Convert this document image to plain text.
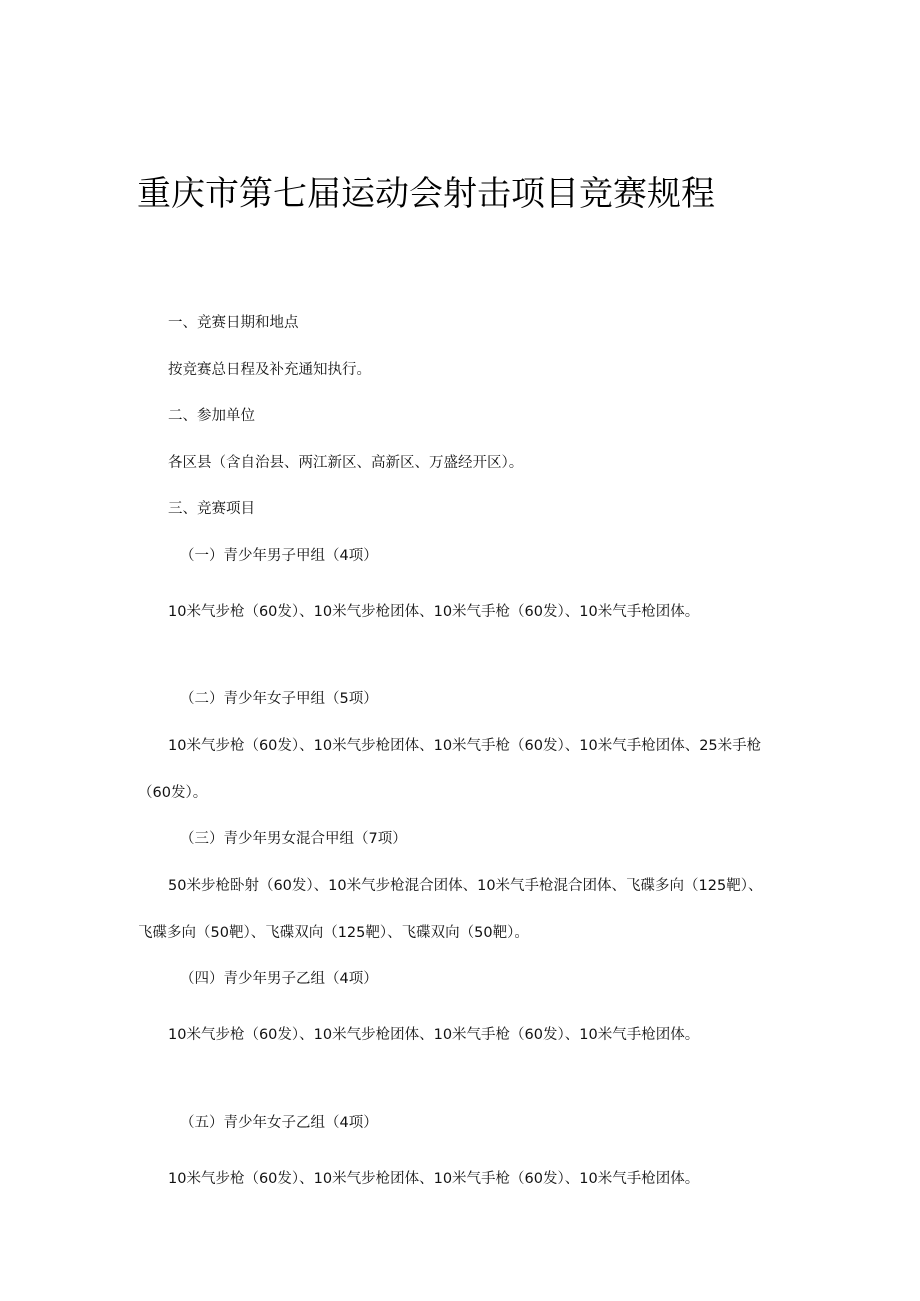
重庆市第七届运动会射击项目竞赛规程
一、竞赛日期和地点
按竞赛总日程及补充通知执行。
二、参加单位
各区县（含自治县、两江新区、高新区、万盛经开区）。
三、竞赛项目
（一）青少年男子甲组（4项）
10米气步枪（60发）、10米气步枪团体、10米气手枪（60发）、10米气手枪团体。
（二）青少年女子甲组（5项）
10米气步枪（60发）、10米气步枪团体、10米气手枪（60发）、10米气手枪团体、25米手枪
（60发）。
（三）青少年男女混合甲组（7项）
50米步枪卧射（60发）、10米气步枪混合团体、10米气手枪混合团体、飞碟多向（125靶）、
飞碟多向（50靶）、飞碟双向（125靶）、飞碟双向（50靶）。
（四）青少年男子乙组（4项）
10米气步枪（60发）、10米气步枪团体、10米气手枪（60发）、10米气手枪团体。
（五）青少年女子乙组（4项）
10米气步枪（60发）、10米气步枪团体、10米气手枪（60发）、10米气手枪团体。
